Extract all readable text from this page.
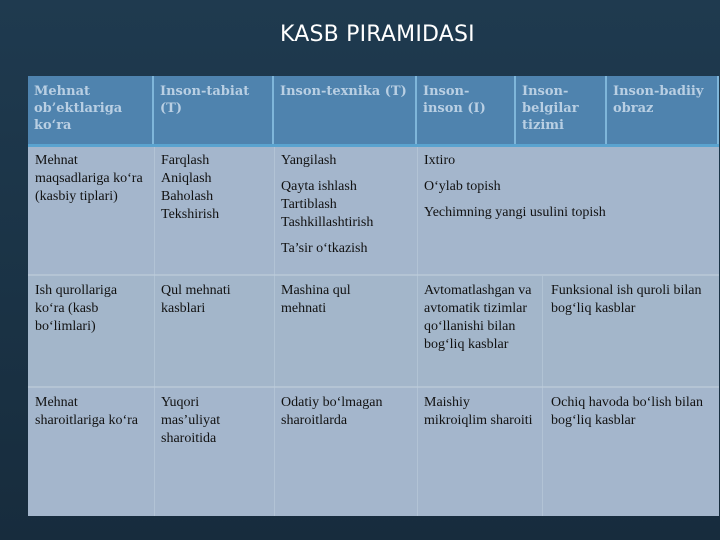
KASB PIRAMIDASI
Mehnat ob’ektlariga ko‘ra
Inson-tabiat (T)
Inson-texnika (T)	Inson-inson (I)
Inson-belgilar tizimi
Inson-badiiy obraz
Mehnat maqsadlariga ko‘ra (kasbiy tiplari)
Farqlash
Aniqlash
Baholash
Tekshirish
Yangilash
Qayta ishlash
Tartiblash
Tashkillashtirish
Ta’sir o‘tkazish
Ixtiro
O‘ylab topish
Yechimning yangi usulini topish
Ish qurollariga ko‘ra (kasb bo‘limlari)
Qul mehnati kasblari
Mashina qul mehnati
Avtomatlashgan va avtomatik tizimlar qo‘llanishi bilan bog‘liq kasblar
Funksional ish quroli bilan bog‘liq kasblar
Mehnat sharoitlariga ko‘ra
Yuqori mas’uliyat sharoitida
Odatiy bo‘lmagan sharoitlarda
Maishiy mikroiqlim sharoiti
Ochiq havoda bo‘lish bilan bog‘liq kasblar
